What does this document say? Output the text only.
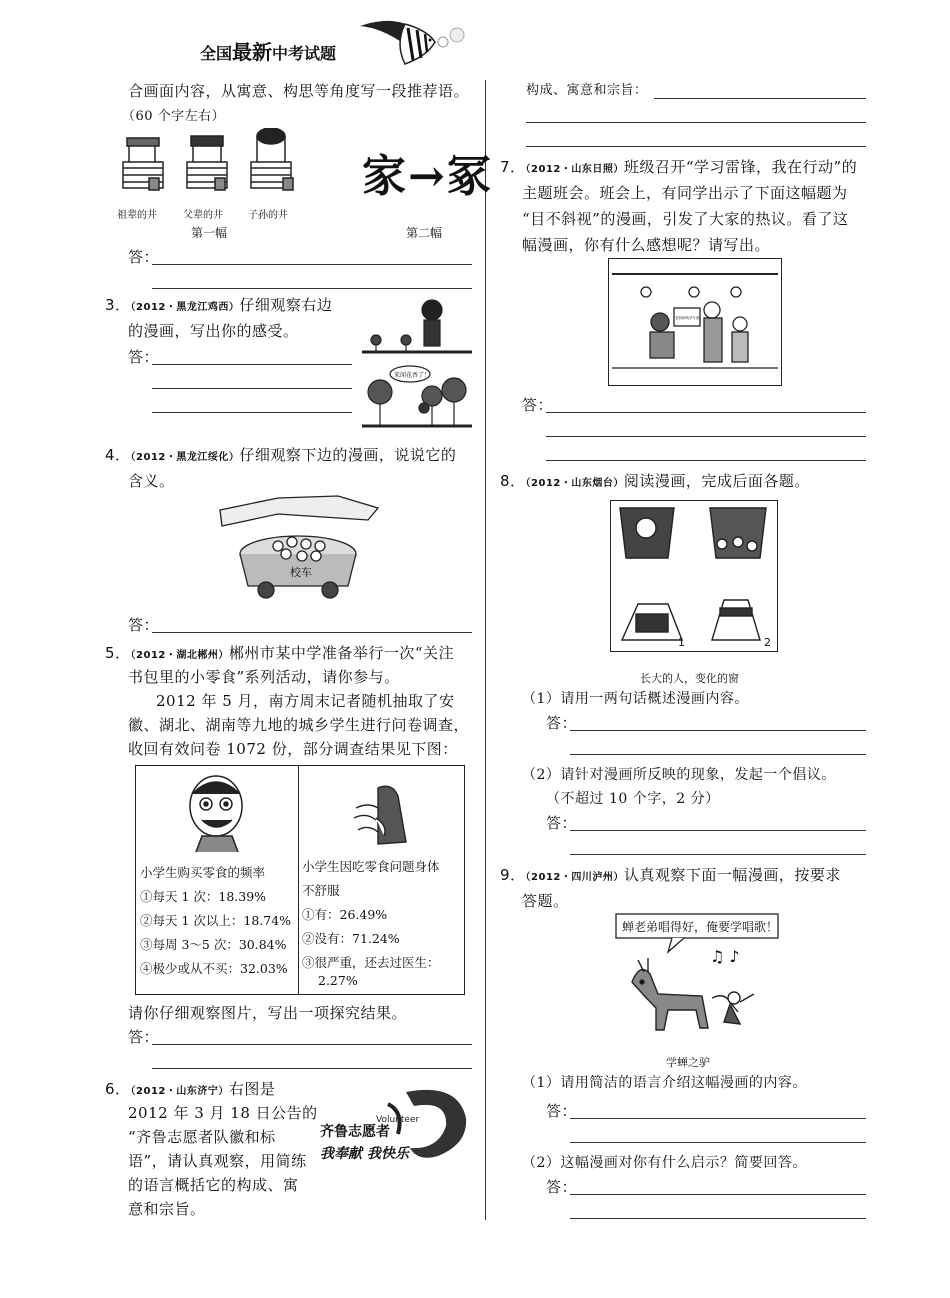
全国最新中考试题
合画面内容，从寓意、构思等角度写一段推荐语。
（60 个字左右）
祖辈的井	父辈的井	子孙的井
第一幅
家→冢
第二幅
答：
3．（2012・黑龙江鸡西）仔细观察右边
的漫画，写出你的感受。
答：
来闻花香了！
4．（2012・黑龙江绥化）仔细观察下边的漫画，说说它的
含义。
校车
答：
5．（2012・湖北郴州）郴州市某中学准备举行一次“关注
书包里的小零食”系列活动，请你参与。
2012 年 5 月，南方周末记者随机抽取了安
徽、湖北、湖南等九地的城乡学生进行问卷调查，
收回有效问卷 1072 份，部分调查结果见下图：
小学生购买零食的频率
①每天 1 次：18.39%
②每天 1 次以上：18.74%
③每周 3～5 次：30.84%
④极少或从不买：32.03%
小学生因吃零食问题身体
不舒服
①有：26.49%
②没有：71.24%
③很严重，还去过医生：
2.27%
请你仔细观察图片，写出一项探究结果。
答：
6．（2012・山东济宁）右图是
2012 年 3 月 18 日公告的
“齐鲁志愿者队徽和标
语”，请认真观察，用简练
的语言概括它的构成、寓
意和宗旨。
Volunteer
齐鲁志愿者
我奉献 我快乐
构成、寓意和宗旨：
7．（2012・山东日照）班级召开“学习雷锋，我在行动”的
主题班会。班会上，有同学出示了下面这幅题为
“目不斜视”的漫画，引发了大家的热议。看了这
幅漫画，你有什么感想呢？请写出。
老弱病残孕专座
答：
8．（2012・山东烟台）阅读漫画，完成后面各题。
1	2
长大的人，变化的窗
（1）请用一两句话概述漫画内容。
答：
（2）请针对漫画所反映的现象，发起一个倡议。
（不超过 10 个字，2 分）
答：
9．（2012・四川泸州）认真观察下面一幅漫画，按要求
答题。
蝉老弟唱得好，俺要学唱歌！
♫ ♪
学蝉之驴
（1）请用简洁的语言介绍这幅漫画的内容。
答：
（2）这幅漫画对你有什么启示？简要回答。
答：
